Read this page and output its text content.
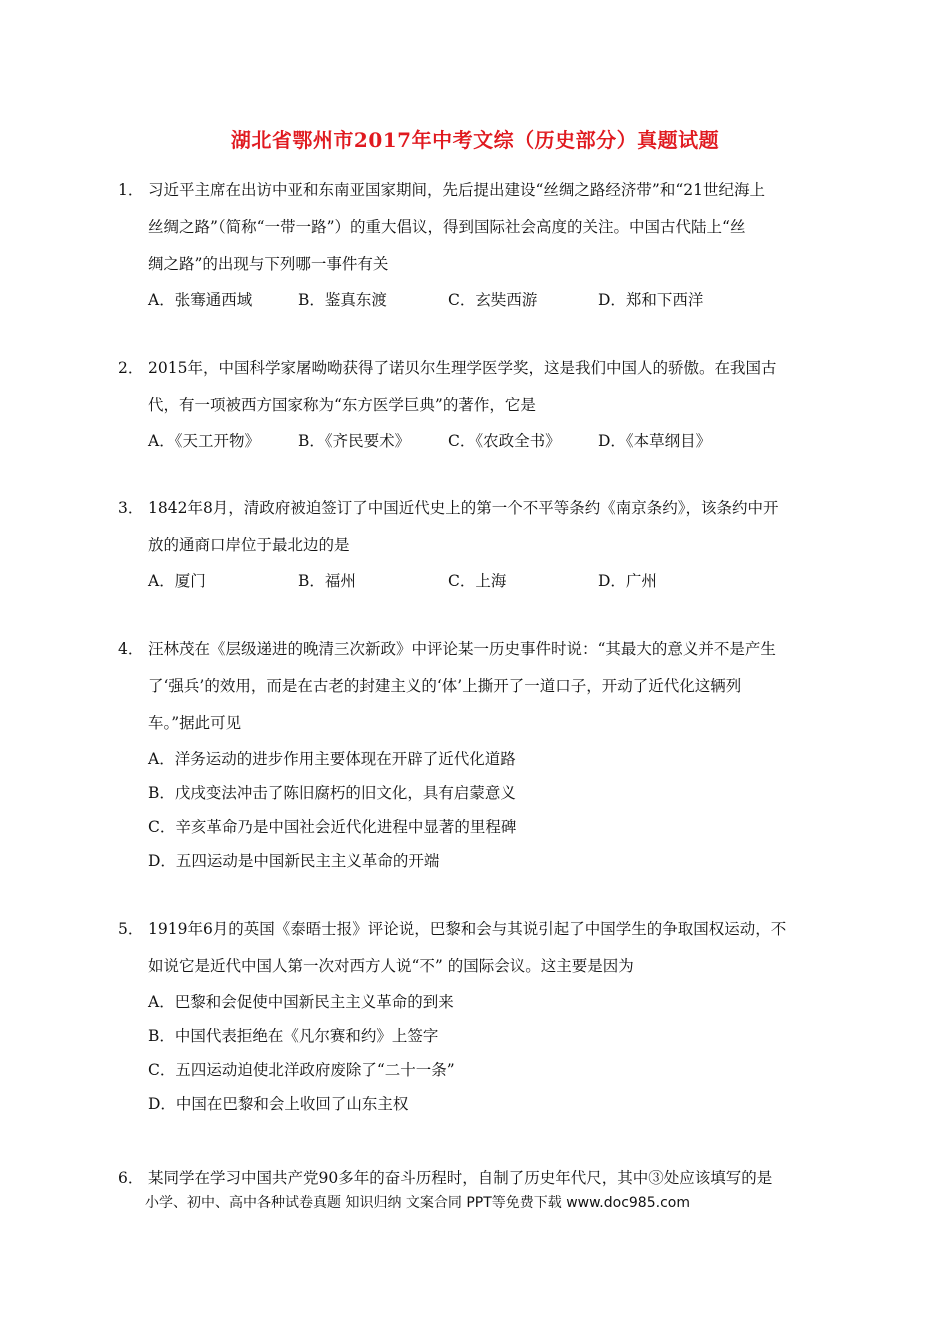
湖北省鄂州市2017年中考文综（历史部分）真题试题

1． 习近平主席在出访中亚和东南亚国家期间，先后提出建设“丝绸之路经济带”和“21世纪海上
丝绸之路”（简称“一带一路”）的重大倡议，得到国际社会高度的关注。中国古代陆上“丝
绸之路”的出现与下列哪一事件有关

A．张骞通西域	B．鉴真东渡	C．玄奘西游	D．郑和下西洋

2． 2015年，中国科学家屠呦呦获得了诺贝尔生理学医学奖，这是我们中国人的骄傲。在我国古
代，有一项被西方国家称为“东方医学巨典”的著作，它是

A．《天工开物》	B．《齐民要术》	C．《农政全书》	D．《本草纲目》

3． 1842年8月，清政府被迫签订了中国近代史上的第一个不平等条约《南京条约》，该条约中开
放的通商口岸位于最北边的是

A．厦门	B．福州	C．上海	D．广州

4． 汪林茂在《层级递进的晚清三次新政》中评论某一历史事件时说：“其最大的意义并不是产生
了‘强兵’的效用，而是在古老的封建主义的‘体’上撕开了一道口子，开动了近代化这辆列
车。”据此可见

A．洋务运动的进步作用主要体现在开辟了近代化道路
B．戊戌变法冲击了陈旧腐朽的旧文化，具有启蒙意义
C．辛亥革命乃是中国社会近代化进程中显著的里程碑
D．五四运动是中国新民主主义革命的开端

5． 1919年6月的英国《泰晤士报》评论说，巴黎和会与其说引起了中国学生的争取国权运动，不
如说它是近代中国人第一次对西方人说“不” 的国际会议。这主要是因为

A．巴黎和会促使中国新民主主义革命的到来
B．中国代表拒绝在《凡尔赛和约》上签字
C．五四运动迫使北洋政府废除了“二十一条”
D．中国在巴黎和会上收回了山东主权

6． 某同学在学习中国共产党90多年的奋斗历程时，自制了历史年代尺，其中③处应该填写的是

小学、初中、高中各种试卷真题 知识归纳 文案合同 PPT等免费下载 www.doc985.com
